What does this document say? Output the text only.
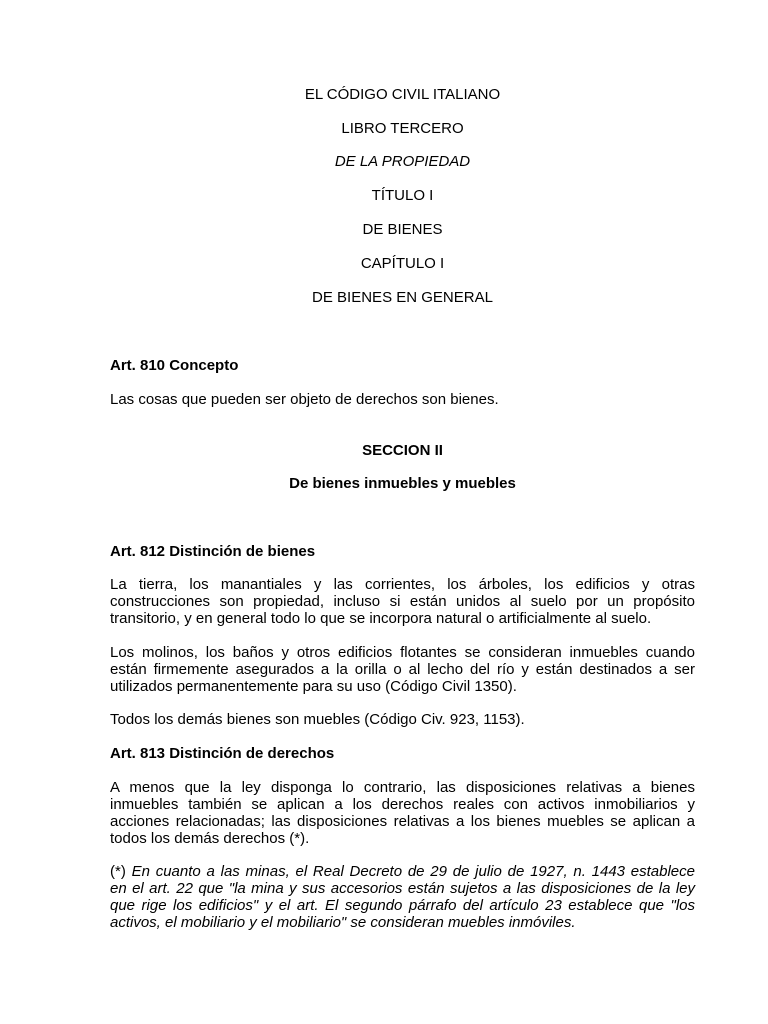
EL CÓDIGO CIVIL ITALIANO

LIBRO TERCERO

DE LA PROPIEDAD

TÍTULO I

DE BIENES

CAPÍTULO I

DE BIENES EN GENERAL

Art. 810 Concepto

Las cosas que pueden ser objeto de derechos son bienes.

SECCION II

De bienes inmuebles y muebles

Art. 812 Distinción de bienes

La tierra, los manantiales y las corrientes, los árboles, los edificios y otras
construcciones son propiedad, incluso si están unidos al suelo por un propósito
transitorio, y en general todo lo que se incorpora natural o artificialmente al suelo.
Los molinos, los baños y otros edificios flotantes se consideran inmuebles cuando
están firmemente asegurados a la orilla o al lecho del río y están destinados a ser
utilizados permanentemente para su uso (Código Civil 1350).

Todos los demás bienes son muebles (Código Civ. 923, 1153).

Art. 813 Distinción de derechos

A menos que la ley disponga lo contrario, las disposiciones relativas a bienes
inmuebles también se aplican a los derechos reales con activos inmobiliarios y
acciones relacionadas; las disposiciones relativas a los bienes muebles se aplican a
todos los demás derechos (*).
(*) En cuanto a las minas, el Real Decreto de 29 de julio de 1927, n. 1443 establece
en el art. 22 que "la mina y sus accesorios están sujetos a las disposiciones de la ley
que rige los edificios" y el art. El segundo párrafo del artículo 23 establece que "los
activos, el mobiliario y el mobiliario" se consideran muebles inmóviles.
